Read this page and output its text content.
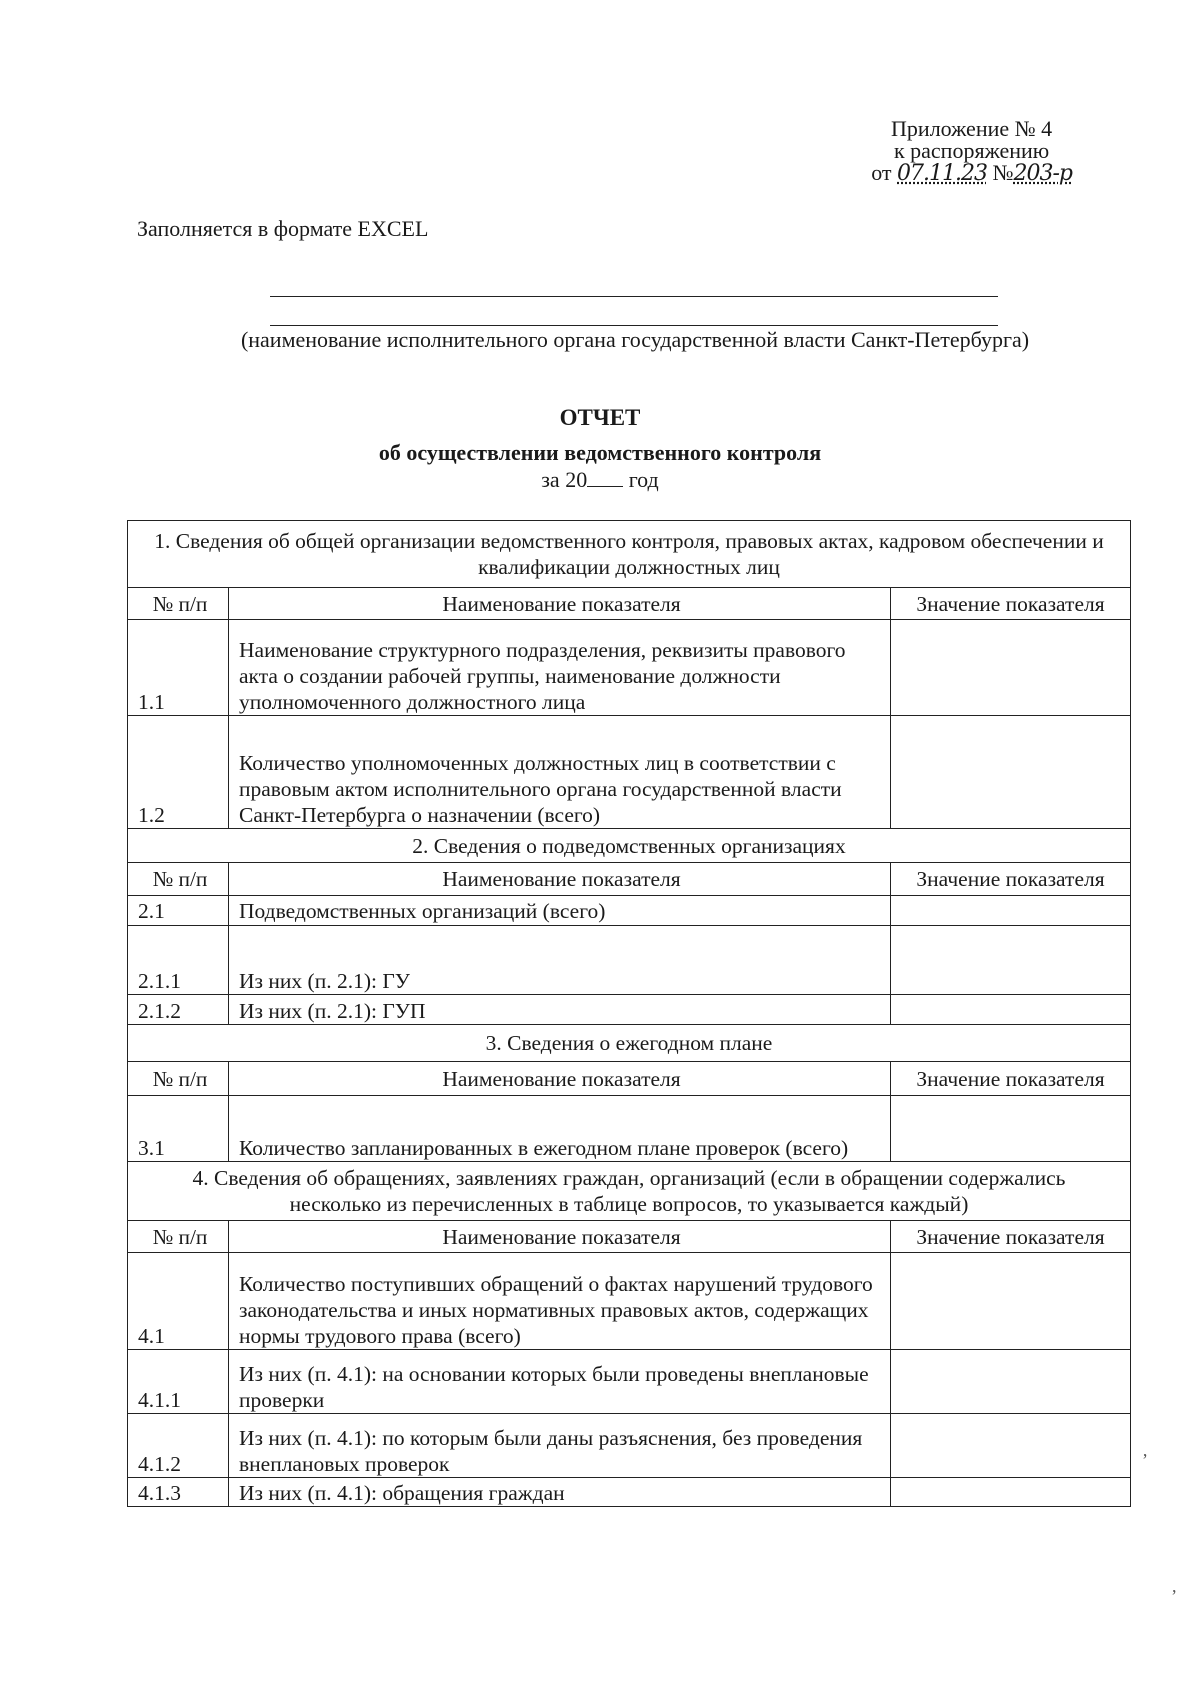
Приложение № 4
к распоряжению
от 07.11.23 №203-р
Заполняется в формате EXCEL
(наименование исполнительного органа государственной власти Санкт-Петербурга)
ОТЧЕТ
об осуществлении ведомственного контроля
за 20 год
1. Сведения об общей организации ведомственного контроля, правовых актах, кадровом обеспечении и квалификации должностных лиц		
№ п/п	Наименование показателя	Значение показателя
1.1	Наименование структурного подразделения, реквизиты правового акта о создании рабочей группы, наименование должности уполномоченного должностного лица	
1.2	Количество уполномоченных должностных лиц в соответствии с правовым актом исполнительного органа государственной власти Санкт-Петербурга о назначении (всего)	
2. Сведения о подведомственных организациях		
№ п/п	Наименование показателя	Значение показателя
2.1	Подведомственных организаций (всего)	
2.1.1	Из них (п. 2.1): ГУ	
2.1.2	Из них (п. 2.1): ГУП	
3. Сведения о ежегодном плане		
№ п/п	Наименование показателя	Значение показателя
3.1	Количество запланированных в ежегодном плане проверок (всего)	
4. Сведения об обращениях, заявлениях граждан, организаций (если в обращении содержались несколько из перечисленных в таблице вопросов, то указывается каждый)		
№ п/п	Наименование показателя	Значение показателя
4.1	Количество поступивших обращений о фактах нарушений трудового законодательства и иных нормативных правовых актов, содержащих нормы трудового права (всего)	
4.1.1	Из них (п. 4.1): на основании которых были проведены внеплановые проверки	
4.1.2	Из них (п. 4.1): по которым были даны разъяснения, без проведения внеплановых проверок	
4.1.3	Из них (п. 4.1): обращения граждан	
‚
,
